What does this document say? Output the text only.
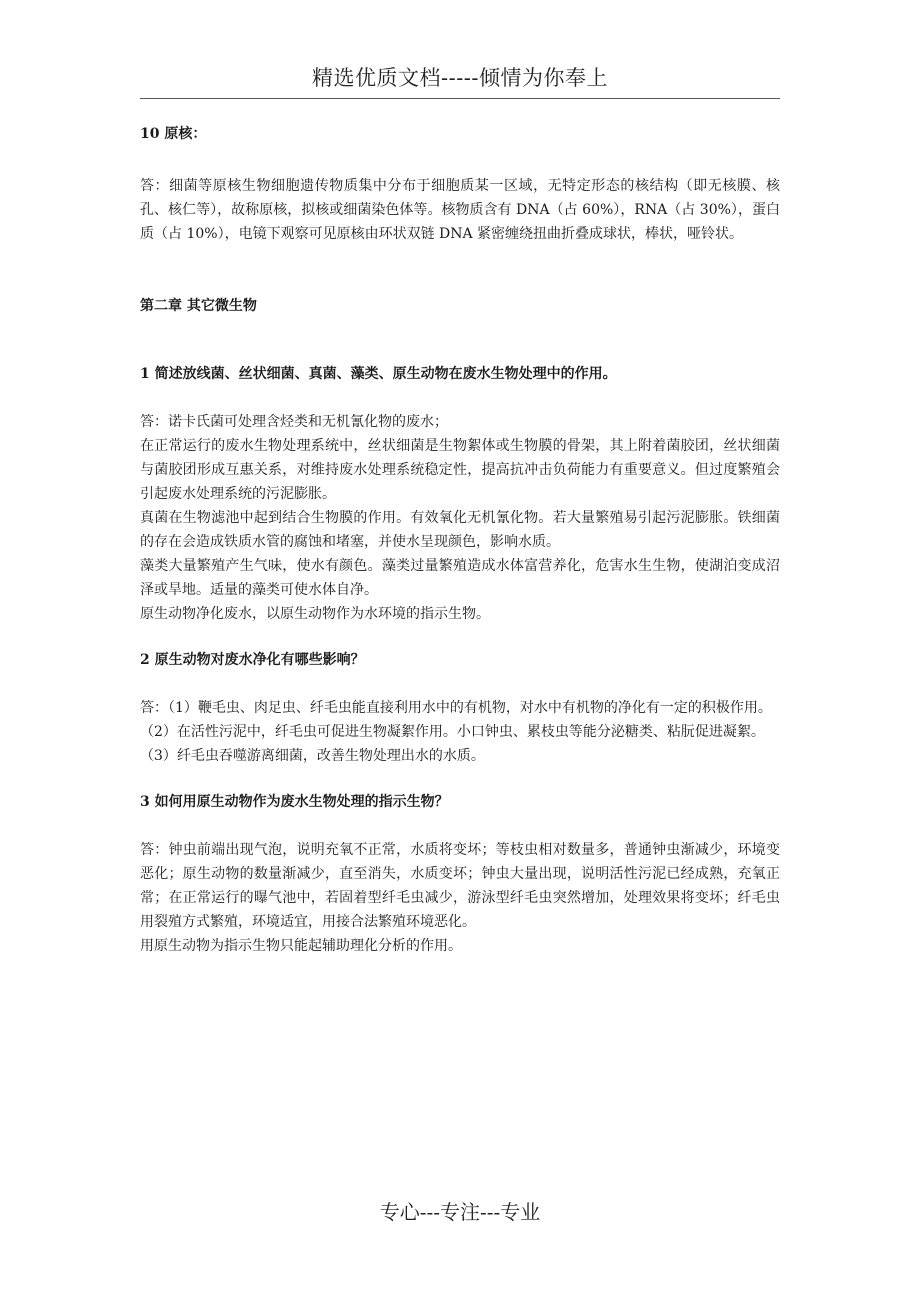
精选优质文档-----倾情为你奉上

10 原核：

答：细菌等原核生物细胞遗传物质集中分布于细胞质某一区域，无特定形态的核结构（即无核膜、核孔、核仁等），故称原核，拟核或细菌染色体等。核物质含有 DNA（占 60%），RNA（占 30%），蛋白质（占 10%），电镜下观察可见原核由环状双链 DNA 紧密缠绕扭曲折叠成球状，棒状，哑铃状。

第二章 其它微生物

1 简述放线菌、丝状细菌、真菌、藻类、原生动物在废水生物处理中的作用。

答：诺卡氏菌可处理含烃类和无机氰化物的废水；

在正常运行的废水生物处理系统中，丝状细菌是生物絮体或生物膜的骨架，其上附着菌胶团，丝状细菌与菌胶团形成互惠关系，对维持废水处理系统稳定性，提高抗冲击负荷能力有重要意义。但过度繁殖会引起废水处理系统的污泥膨胀。

真菌在生物滤池中起到结合生物膜的作用。有效氧化无机氰化物。若大量繁殖易引起污泥膨胀。铁细菌的存在会造成铁质水管的腐蚀和堵塞，并使水呈现颜色，影响水质。

藻类大量繁殖产生气味，使水有颜色。藻类过量繁殖造成水体富营养化，危害水生生物，使湖泊变成沼泽或旱地。适量的藻类可使水体自净。

原生动物净化废水，以原生动物作为水环境的指示生物。

2 原生动物对废水净化有哪些影响？

答：（1）鞭毛虫、肉足虫、纤毛虫能直接利用水中的有机物，对水中有机物的净化有一定的积极作用。

（2）在活性污泥中，纤毛虫可促进生物凝絮作用。小口钟虫、累枝虫等能分泌糖类、粘朊促进凝絮。

（3）纤毛虫吞噬游离细菌，改善生物处理出水的水质。

3 如何用原生动物作为废水生物处理的指示生物？

答：钟虫前端出现气泡，说明充氧不正常，水质将变坏；等枝虫相对数量多，普通钟虫渐减少，环境变恶化；原生动物的数量渐减少，直至消失，水质变坏；钟虫大量出现，说明活性污泥已经成熟，充氧正常；在正常运行的曝气池中，若固着型纤毛虫减少，游泳型纤毛虫突然增加，处理效果将变坏；纤毛虫用裂殖方式繁殖，环境适宜，用接合法繁殖环境恶化。

用原生动物为指示生物只能起辅助理化分析的作用。

专心---专注---专业
